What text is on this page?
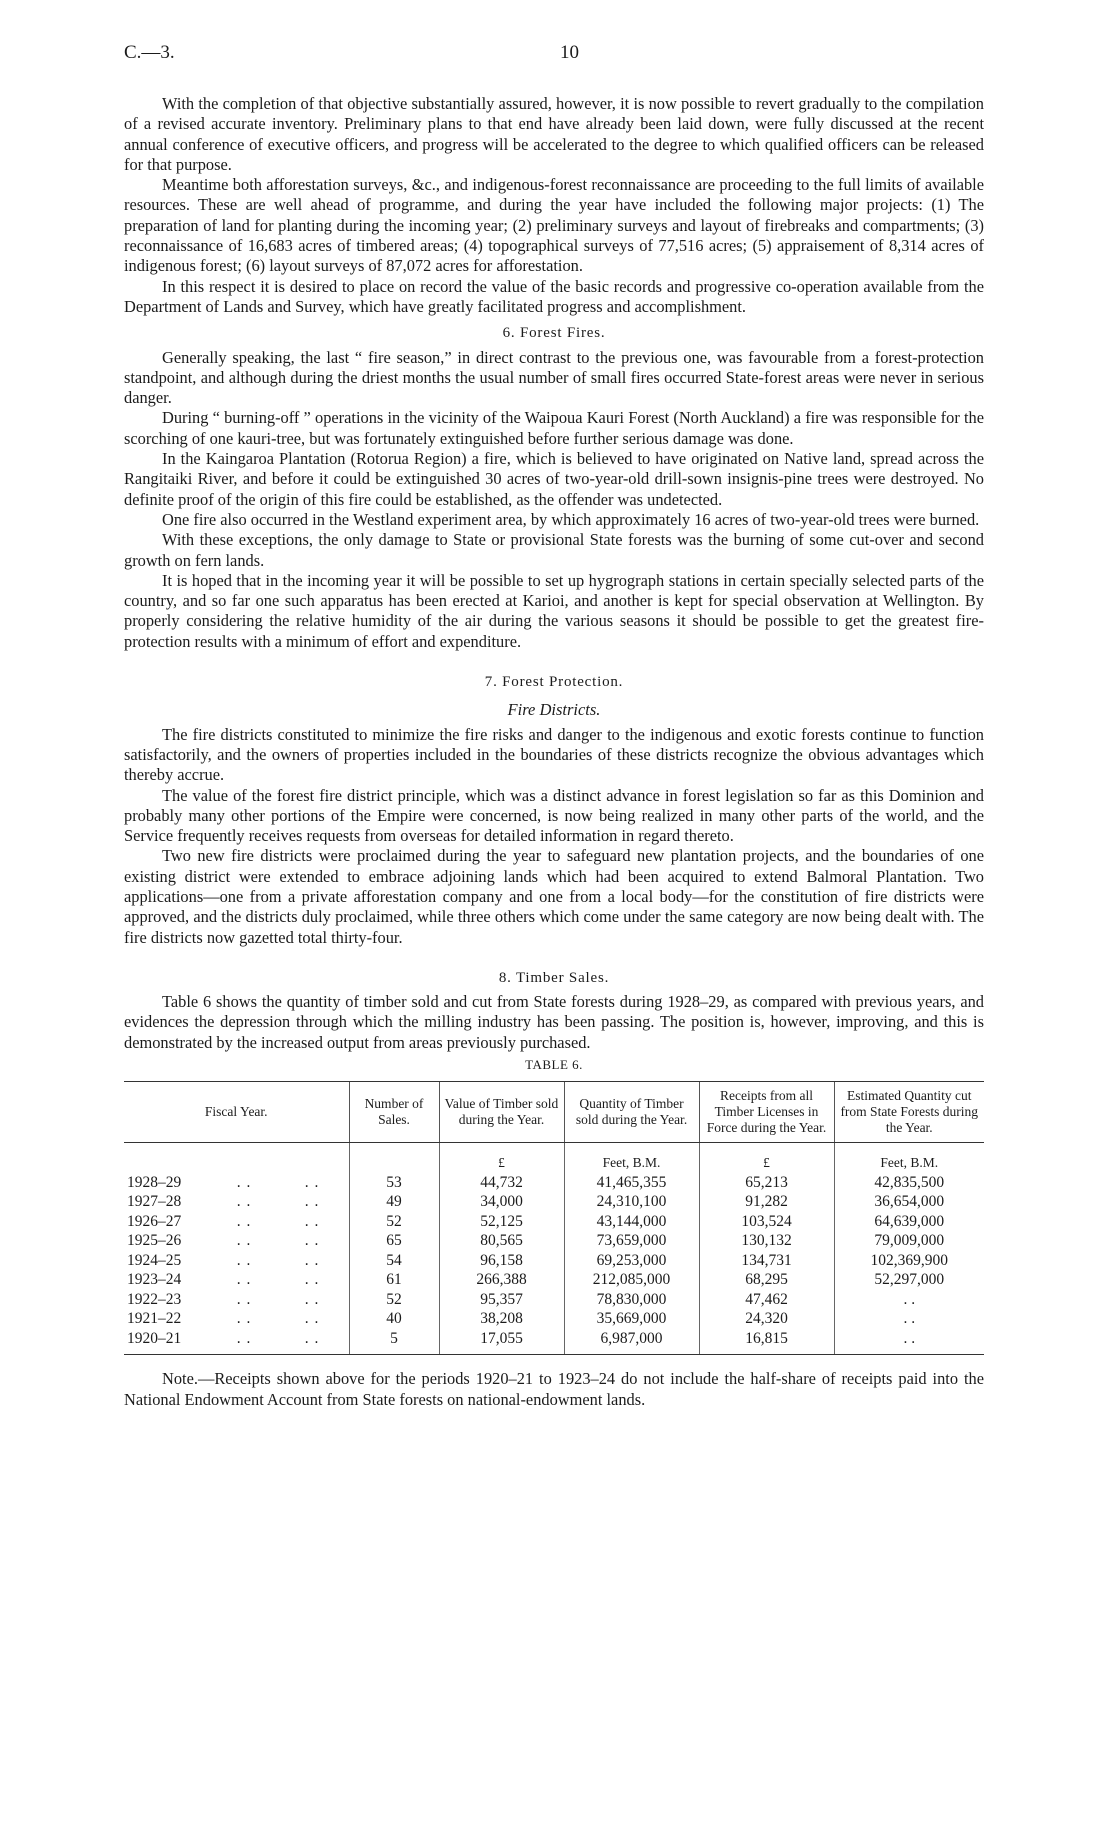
C.—3.	10

With the completion of that objective substantially assured, however, it is now possible to revert gradually to the compilation of a revised accurate inventory. Preliminary plans to that end have already been laid down, were fully discussed at the recent annual conference of executive officers, and progress will be accelerated to the degree to which qualified officers can be released for that purpose.

Meantime both afforestation surveys, &c., and indigenous-forest reconnaissance are proceeding to the full limits of available resources. These are well ahead of programme, and during the year have included the following major projects: (1) The preparation of land for planting during the incoming year; (2) preliminary surveys and layout of firebreaks and compartments; (3) reconnaissance of 16,683 acres of timbered areas; (4) topographical surveys of 77,516 acres; (5) appraisement of 8,314 acres of indigenous forest; (6) layout surveys of 87,072 acres for afforestation.

In this respect it is desired to place on record the value of the basic records and progressive co-operation available from the Department of Lands and Survey, which have greatly facilitated progress and accomplishment.

6. Forest Fires.

Generally speaking, the last “ fire season,” in direct contrast to the previous one, was favourable from a forest-protection standpoint, and although during the driest months the usual number of small fires occurred State-forest areas were never in serious danger.

During “ burning-off ” operations in the vicinity of the Waipoua Kauri Forest (North Auckland) a fire was responsible for the scorching of one kauri-tree, but was fortunately extinguished before further serious damage was done.

In the Kaingaroa Plantation (Rotorua Region) a fire, which is believed to have originated on Native land, spread across the Rangitaiki River, and before it could be extinguished 30 acres of two-year-old drill-sown insignis-pine trees were destroyed. No definite proof of the origin of this fire could be established, as the offender was undetected.

One fire also occurred in the Westland experiment area, by which approximately 16 acres of two-year-old trees were burned.

With these exceptions, the only damage to State or provisional State forests was the burning of some cut-over and second growth on fern lands.

It is hoped that in the incoming year it will be possible to set up hygrograph stations in certain specially selected parts of the country, and so far one such apparatus has been erected at Karioi, and another is kept for special observation at Wellington. By properly considering the relative humidity of the air during the various seasons it should be possible to get the greatest fire-protection results with a minimum of effort and expenditure.

7. Forest Protection.
Fire Districts.

The fire districts constituted to minimize the fire risks and danger to the indigenous and exotic forests continue to function satisfactorily, and the owners of properties included in the boundaries of these districts recognize the obvious advantages which thereby accrue.

The value of the forest fire district principle, which was a distinct advance in forest legislation so far as this Dominion and probably many other portions of the Empire were concerned, is now being realized in many other parts of the world, and the Service frequently receives requests from overseas for detailed information in regard thereto.

Two new fire districts were proclaimed during the year to safeguard new plantation projects, and the boundaries of one existing district were extended to embrace adjoining lands which had been acquired to extend Balmoral Plantation. Two applications—one from a private afforestation company and one from a local body—for the constitution of fire districts were approved, and the districts duly proclaimed, while three others which come under the same category are now being dealt with. The fire districts now gazetted total thirty-four.

8. Timber Sales.

Table 6 shows the quantity of timber sold and cut from State forests during 1928–29, as compared with previous years, and evidences the depression through which the milling industry has been passing. The position is, however, improving, and this is demonstrated by the increased output from areas previously purchased.

TABLE 6.
Fiscal Year.	Number of Sales.	Value of Timber sold during the Year.	Quantity of Timber sold during the Year.	Receipts from all Timber Licenses in Force during the Year.	Estimated Quantity cut from State Forests during the Year.
		£	Feet, B.M.	£	Feet, B.M.
1928–29 . . . .	53	44,732	41,465,355	65,213	42,835,500
1927–28 . . . .	49	34,000	24,310,100	91,282	36,654,000
1926–27 . . . .	52	52,125	43,144,000	103,524	64,639,000
1925–26 . . . .	65	80,565	73,659,000	130,132	79,009,000
1924–25 . . . .	54	96,158	69,253,000	134,731	102,369,900
1923–24 . . . .	61	266,388	212,085,000	68,295	52,297,000
1922–23 . . . .	52	95,357	78,830,000	47,462	. .
1921–22 . . . .	40	38,208	35,669,000	24,320	. .
1920–21 . . . .	5	17,055	6,987,000	16,815	. .

Note.—Receipts shown above for the periods 1920–21 to 1923–24 do not include the half-share of receipts paid into the National Endowment Account from State forests on national-endowment lands.
